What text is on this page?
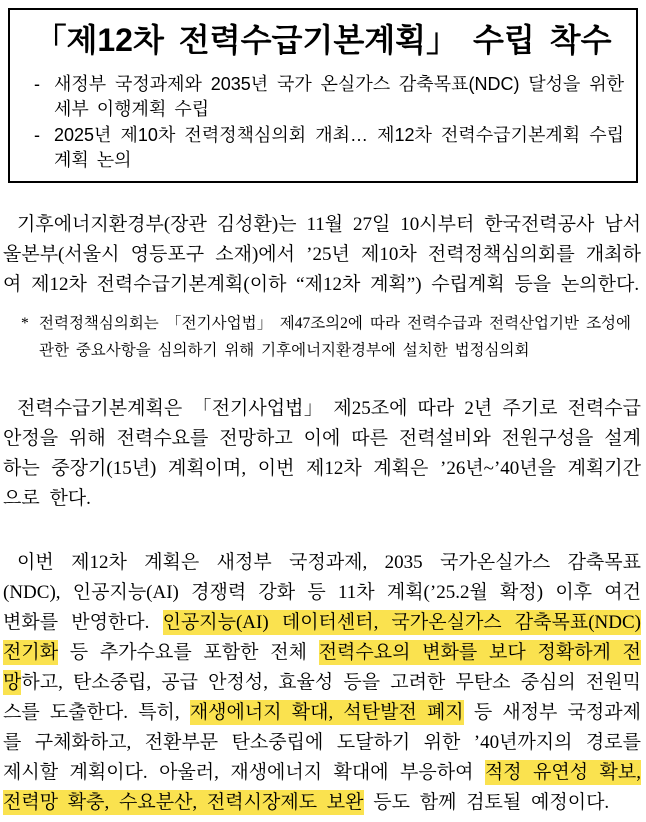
「제12차 전력수급기본계획」 수립 착수
- 새정부 국정과제와 2035년 국가 온실가스 감축목표(NDC) 달성을 위한 세부 이행계획 수립
- 2025년 제10차 전력정책심의회 개최… 제12차 전력수급기본계획 수립 계획 논의

기후에너지환경부(장관 김성환)는 11월 27일 10시부터 한국전력공사 남서울본부(서울시 영등포구 소재)에서 ’25년 제10차 전력정책심의회를 개최하여 제12차 전력수급기본계획(이하 “제12차 계획”) 수립계획 등을 논의한다.

* 전력정책심의회는 「전기사업법」 제47조의2에 따라 전력수급과 전력산업기반 조성에 관한 중요사항을 심의하기 위해 기후에너지환경부에 설치한 법정심의회

전력수급기본계획은 「전기사업법」 제25조에 따라 2년 주기로 전력수급 안정을 위해 전력수요를 전망하고 이에 따른 전력설비와 전원구성을 설계하는 중장기(15년) 계획이며, 이번 제12차 계획은 ’26년~’40년을 계획기간으로 한다.

이번 제12차 계획은 새정부 국정과제, 2035 국가온실가스 감축목표(NDC), 인공지능(AI) 경쟁력 강화 등 11차 계획(’25.2월 확정) 이후 여건 변화를 반영한다. 인공지능(AI) 데이터센터, 국가온실가스 감축목표(NDC) 전기화 등 추가수요를 포함한 전체 전력수요의 변화를 보다 정확하게 전망하고, 탄소중립, 공급 안정성, 효율성 등을 고려한 무탄소 중심의 전원믹스를 도출한다. 특히, 재생에너지 확대, 석탄발전 폐지 등 새정부 국정과제를 구체화하고, 전환부문 탄소중립에 도달하기 위한 ’40년까지의 경로를 제시할 계획이다. 아울러, 재생에너지 확대에 부응하여 적정 유연성 확보, 전력망 확충, 수요분산, 전력시장제도 보완 등도 함께 검토될 예정이다.
